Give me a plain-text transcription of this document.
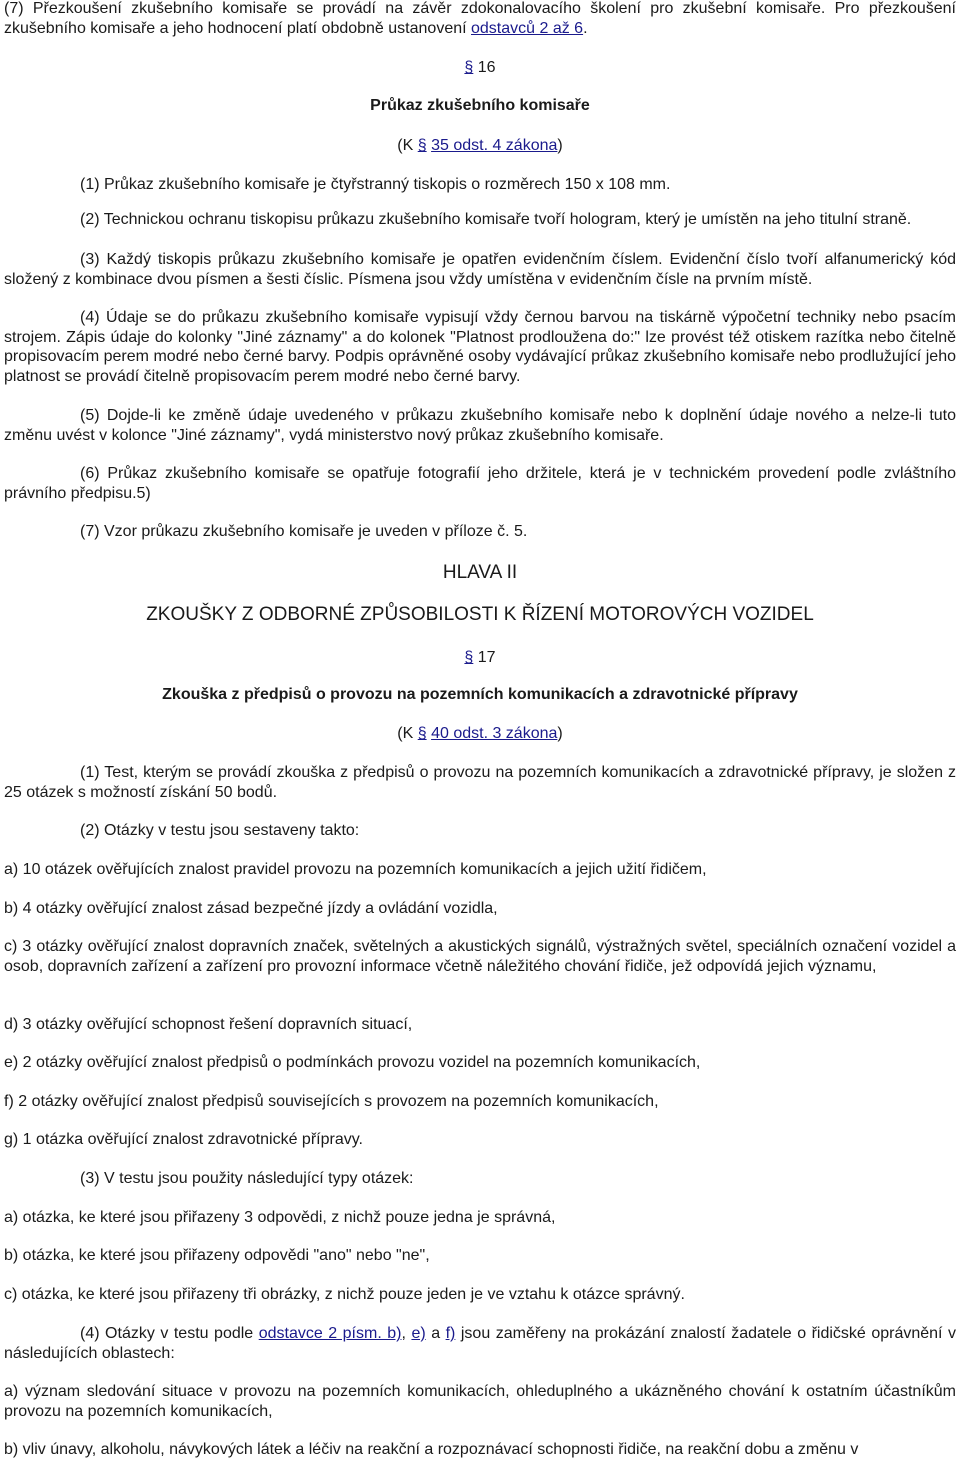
(7) Přezkoušení zkušebního komisaře se provádí na závěr zdokonalovacího školení pro zkušební komisaře. Pro přezkoušení zkušebního komisaře a jeho hodnocení platí obdobně ustanovení odstavců 2 až 6.

§ 16
Průkaz zkušebního komisaře
(K § 35 odst. 4 zákona)

(1) Průkaz zkušebního komisaře je čtyřstranný tiskopis o rozměrech 150 x 108 mm.

(2) Technickou ochranu tiskopisu průkazu zkušebního komisaře tvoří hologram, který je umístěn na jeho titulní straně.

(3) Každý tiskopis průkazu zkušebního komisaře je opatřen evidenčním číslem. Evidenční číslo tvoří alfanumerický kód složený z kombinace dvou písmen a šesti číslic. Písmena jsou vždy umístěna v evidenčním čísle na prvním místě.

(4) Údaje se do průkazu zkušebního komisaře vypisují vždy černou barvou na tiskárně výpočetní techniky nebo psacím strojem. Zápis údaje do kolonky "Jiné záznamy" a do kolonek "Platnost prodloužena do:" lze provést též otiskem razítka nebo čitelně propisovacím perem modré nebo černé barvy. Podpis oprávněné osoby vydávající průkaz zkušebního komisaře nebo prodlužující jeho platnost se provádí čitelně propisovacím perem modré nebo černé barvy.

(5) Dojde-li ke změně údaje uvedeného v průkazu zkušebního komisaře nebo k doplnění údaje nového a nelze-li tuto změnu uvést v kolonce "Jiné záznamy", vydá ministerstvo nový průkaz zkušebního komisaře.

(6) Průkaz zkušebního komisaře se opatřuje fotografií jeho držitele, která je v technickém provedení podle zvláštního právního předpisu.5)

(7) Vzor průkazu zkušebního komisaře je uveden v příloze č. 5.

HLAVA II
ZKOUŠKY Z ODBORNÉ ZPŮSOBILOSTI K ŘÍZENÍ MOTOROVÝCH VOZIDEL
§ 17
Zkouška z předpisů o provozu na pozemních komunikacích a zdravotnické přípravy
(K § 40 odst. 3 zákona)

(1) Test, kterým se provádí zkouška z předpisů o provozu na pozemních komunikacích a zdravotnické přípravy, je složen z 25 otázek s možností získání 50 bodů.

(2) Otázky v testu jsou sestaveny takto:

a) 10 otázek ověřujících znalost pravidel provozu na pozemních komunikacích a jejich užití řidičem,

b) 4 otázky ověřující znalost zásad bezpečné jízdy a ovládání vozidla,

c) 3 otázky ověřující znalost dopravních značek, světelných a akustických signálů, výstražných světel, speciálních označení vozidel a osob, dopravních zařízení a zařízení pro provozní informace včetně náležitého chování řidiče, jež odpovídá jejich významu,

d) 3 otázky ověřující schopnost řešení dopravních situací,

e) 2 otázky ověřující znalost předpisů o podmínkách provozu vozidel na pozemních komunikacích,

f) 2 otázky ověřující znalost předpisů souvisejících s provozem na pozemních komunikacích,

g) 1 otázka ověřující znalost zdravotnické přípravy.

(3) V testu jsou použity následující typy otázek:

a) otázka, ke které jsou přiřazeny 3 odpovědi, z nichž pouze jedna je správná,

b) otázka, ke které jsou přiřazeny odpovědi "ano" nebo "ne",

c) otázka, ke které jsou přiřazeny tři obrázky, z nichž pouze jeden je ve vztahu k otázce správný.

(4) Otázky v testu podle odstavce 2 písm. b), e) a f) jsou zaměřeny na prokázání znalostí žadatele o řidičské oprávnění v následujících oblastech:

a) význam sledování situace v provozu na pozemních komunikacích, ohleduplného a ukázněného chování k ostatním účastníkům provozu na pozemních komunikacích,

b) vliv únavy, alkoholu, návykových látek a léčiv na reakční a rozpoznávací schopnosti řidiče, na reakční dobu a změnu v
